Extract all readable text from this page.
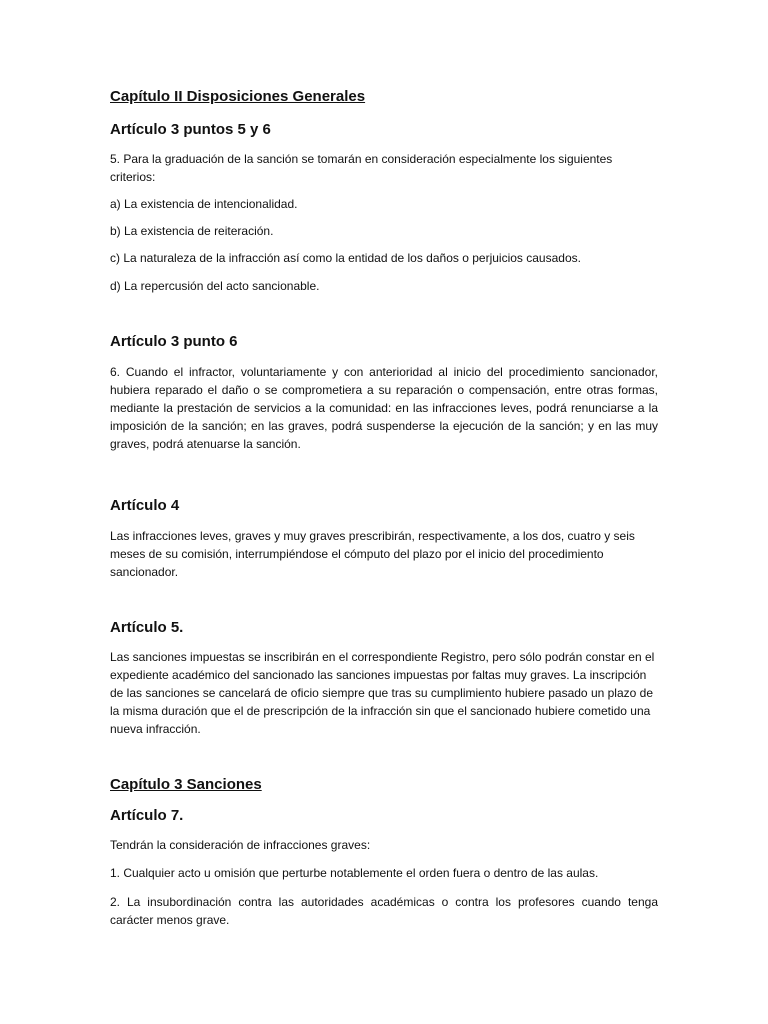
Capítulo II Disposiciones Generales
Artículo 3 puntos 5 y 6

5. Para la graduación de la sanción se tomarán en consideración especialmente los siguientes criterios:

a) La existencia de intencionalidad.

b) La existencia de reiteración.

c) La naturaleza de la infracción así como la entidad de los daños o perjuicios causados.

d) La repercusión del acto sancionable.

Artículo 3 punto 6

6. Cuando el infractor, voluntariamente y con anterioridad al inicio del procedimiento sancionador, hubiera reparado el daño o se comprometiera a su reparación o compensación, entre otras formas, mediante la prestación de servicios a la comunidad: en las infracciones leves, podrá renunciarse a la imposición de la sanción; en las graves, podrá suspenderse la ejecución de la sanción; y en las muy graves, podrá atenuarse la sanción.

Artículo 4

Las infracciones leves, graves y muy graves prescribirán, respectivamente, a los dos, cuatro y seis meses de su comisión, interrumpiéndose el cómputo del plazo por el inicio del procedimiento sancionador.

Artículo 5.

Las sanciones impuestas se inscribirán en el correspondiente Registro, pero sólo podrán constar en el expediente académico del sancionado las sanciones impuestas por faltas muy graves. La inscripción de las sanciones se cancelará de oficio siempre que tras su cumplimiento hubiere pasado un plazo de la misma duración que el de prescripción de la infracción sin que el sancionado hubiere cometido una nueva infracción.

Capítulo 3 Sanciones
Artículo 7.

Tendrán la consideración de infracciones graves:

1. Cualquier acto u omisión que perturbe notablemente el orden fuera o dentro de las aulas.

2. La insubordinación contra las autoridades académicas o contra los profesores cuando tenga carácter menos grave.
